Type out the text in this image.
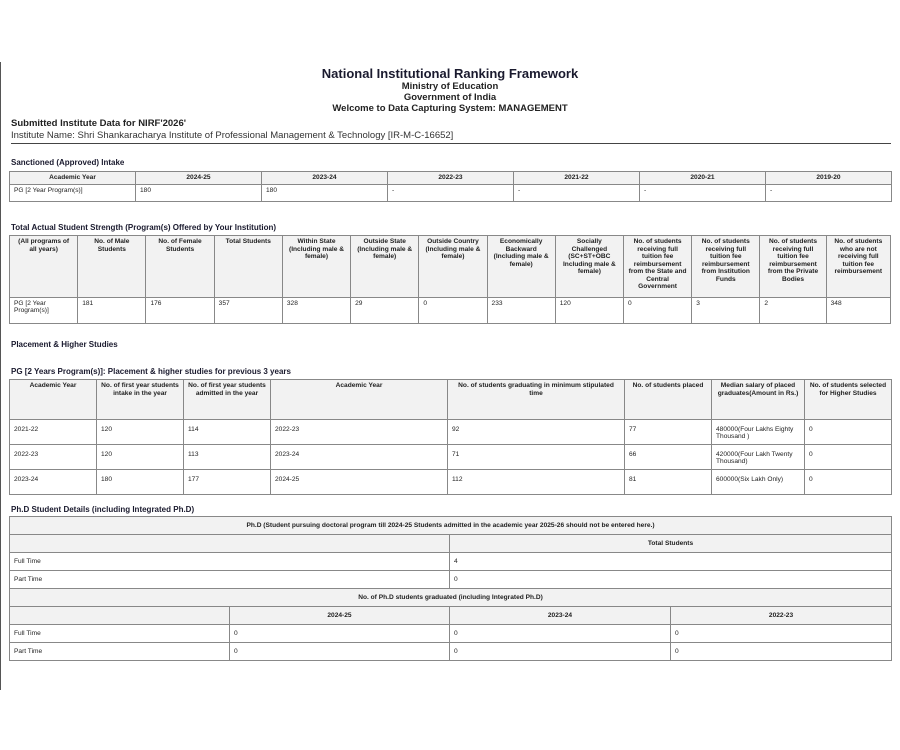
National Institutional Ranking Framework
Ministry of Education
Government of India
Welcome to Data Capturing System: MANAGEMENT
Submitted Institute Data for NIRF'2026'
Institute Name: Shri Shankaracharya Institute of Professional Management & Technology [IR-M-C-16652]
Sanctioned (Approved) Intake
Academic Year	2024-25	2023-24	2022-23	2021-22	2020-21	2019-20
PG [2 Year Program(s)]	180	180	-	-	-	-
Total Actual Student Strength (Program(s) Offered by Your Institution)
(All programs of all years)	No. of Male Students	No. of Female Students	Total Students	Within State (Including male & female)	Outside State (Including male & female)	Outside Country (Including male & female)	Economically Backward (Including male & female)	Socially Challenged (SC+ST+OBC Including male & female)	No. of students receiving full tuition fee reimbursement from the State and Central Government	No. of students receiving full tuition fee reimbursement from Institution Funds	No. of students receiving full tuition fee reimbursement from the Private Bodies	No. of students who are not receiving full tuition fee reimbursement
PG [2 Year Program(s)]	181	176	357	328	29	0	233	120	0	3	2	348
Placement & Higher Studies
PG [2 Years Program(s)]: Placement & higher studies for previous 3 years
Academic Year	No. of first year students intake in the year	No. of first year students admitted in the year	Academic Year	No. of students graduating in minimum stipulated time	No. of students placed	Median salary of placed graduates(Amount in Rs.)	No. of students selected for Higher Studies
2021-22	120	114	2022-23	92	77	480000(Four Lakhs Eighty Thousand )	0
2022-23	120	113	2023-24	71	66	420000(Four Lakh Twenty Thousand)	0
2023-24	180	177	2024-25	112	81	600000(Six Lakh Only)	0
Ph.D Student Details (including Integrated Ph.D)
Ph.D (Student pursuing doctoral program till 2024-25 Students admitted in the academic year 2025-26 should not be entered here.)			
		Total Students	
Full Time		4	
Part Time		0	
No. of Ph.D students graduated (including Integrated Ph.D)			
	2024-25	2023-24	2022-23
Full Time	0	0	0
Part Time	0	0	0
